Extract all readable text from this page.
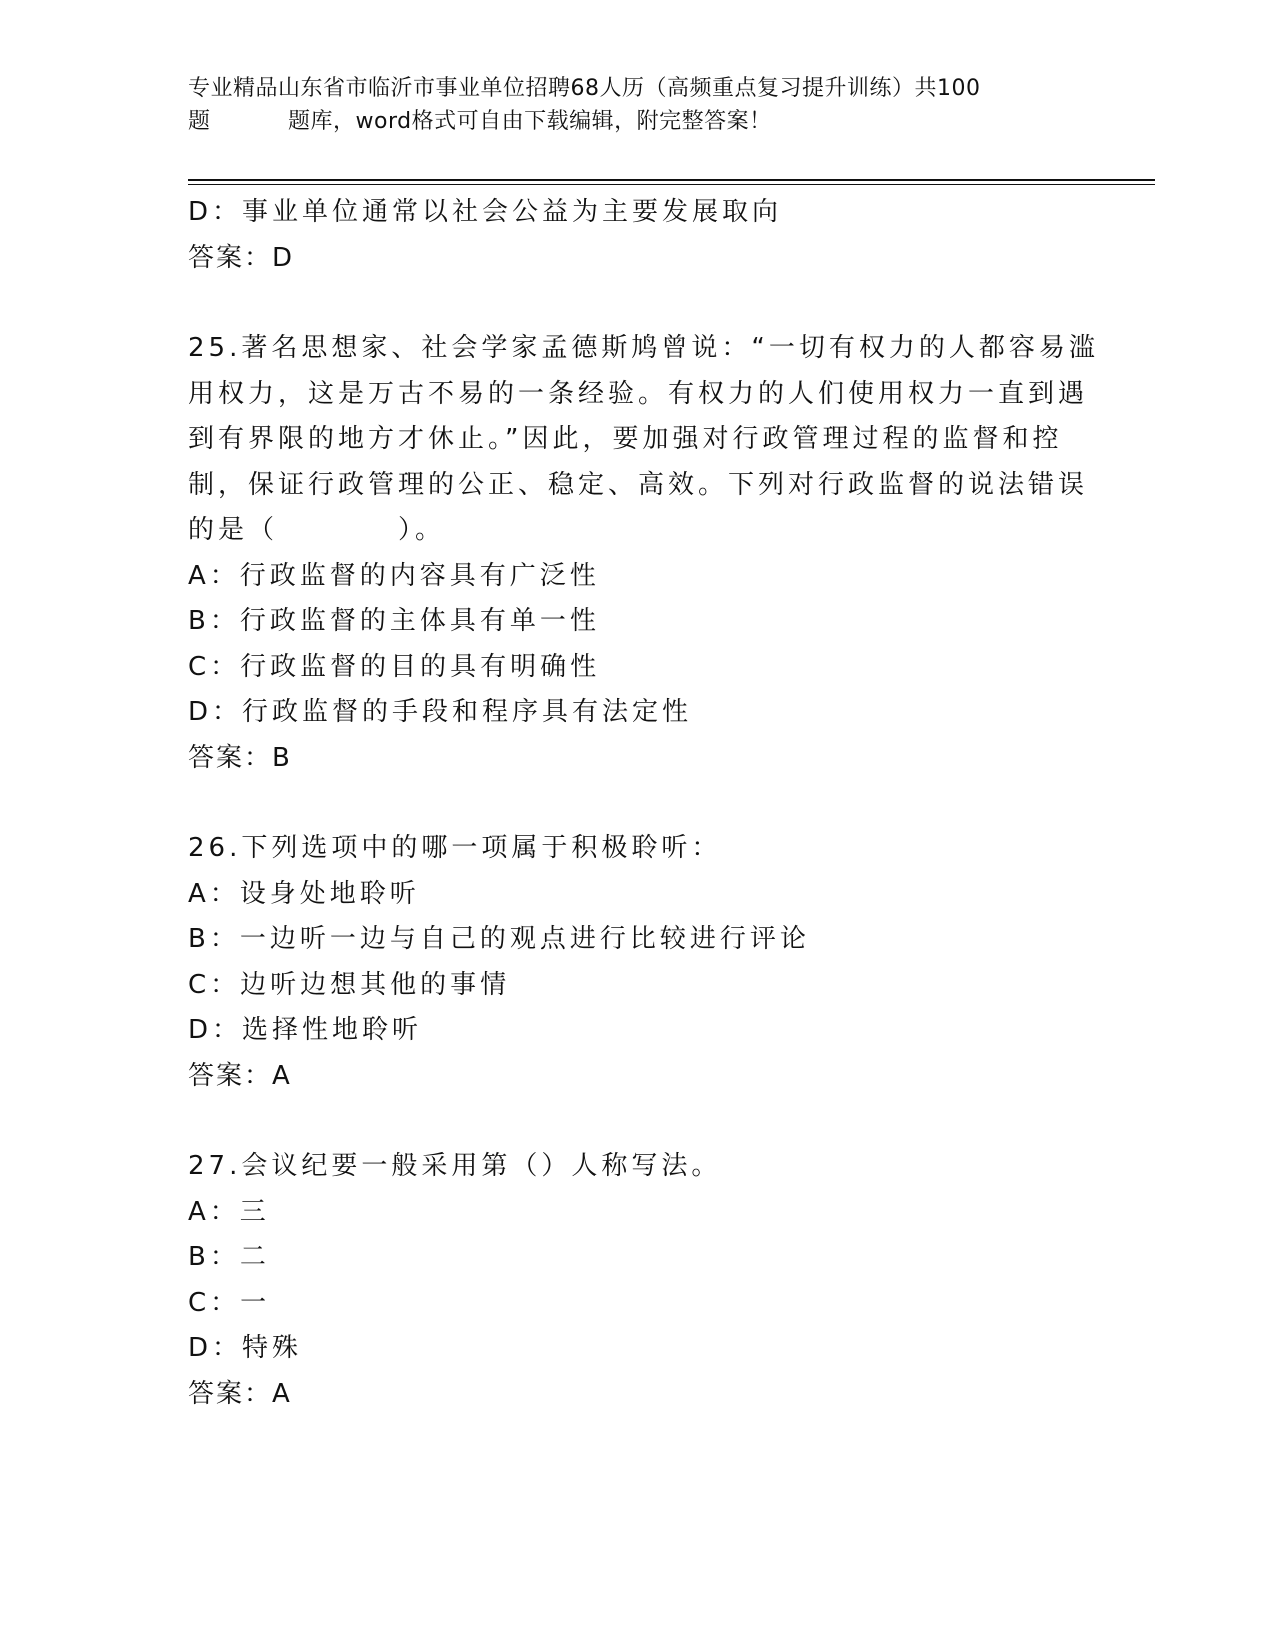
专业精品山东省市临沂市事业单位招聘68人历（高频重点复习提升训练）共100
题	题库，word格式可自由下载编辑，附完整答案！
D：事业单位通常以社会公益为主要发展取向
答案：D
25.著名思想家、社会学家孟德斯鸠曾说：“一切有权力的人都容易滥
用权力，这是万古不易的一条经验。有权力的人们使用权力一直到遇
到有界限的地方才休止。”因此，要加强对行政管理过程的监督和控
制，保证行政管理的公正、稳定、高效。下列对行政监督的说法错误
的是（　　　　）。
A：行政监督的内容具有广泛性
B：行政监督的主体具有单一性
C：行政监督的目的具有明确性
D：行政监督的手段和程序具有法定性
答案：B
26.下列选项中的哪一项属于积极聆听：
A：设身处地聆听
B：一边听一边与自己的观点进行比较进行评论
C：边听边想其他的事情
D：选择性地聆听
答案：A
27.会议纪要一般采用第（）人称写法。
A：三
B：二
C：一
D：特殊
答案：A
